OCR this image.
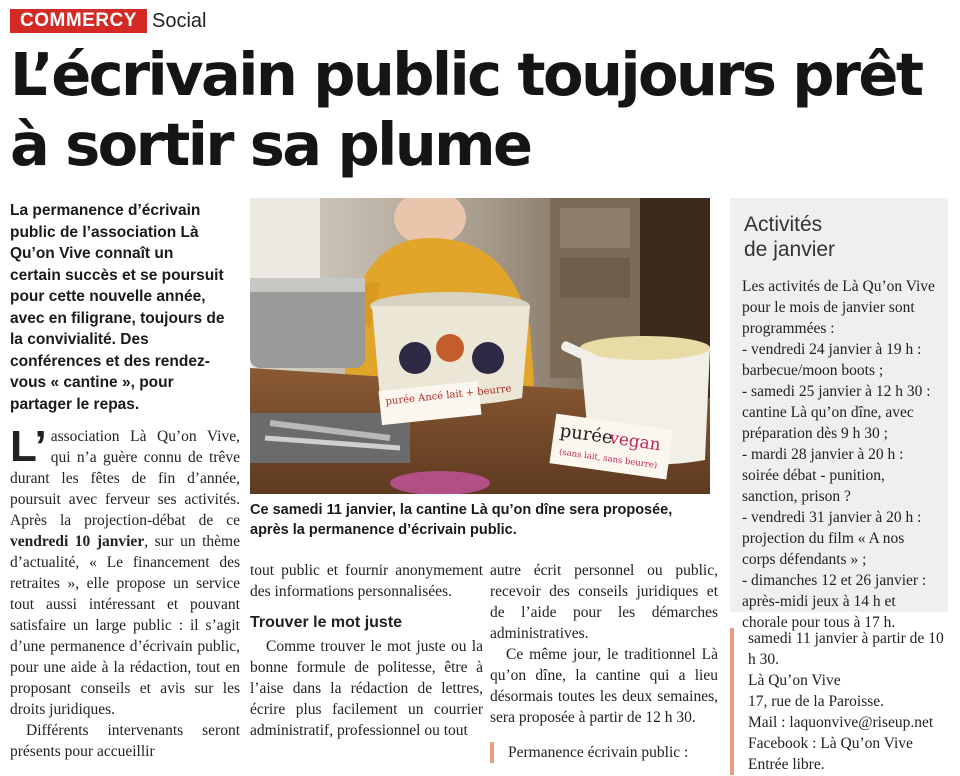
COMMERCY Social
L’écrivain public toujours prêt à sortir sa plume

La permanence d’écrivain public de l’association Là Qu’on Vive connaît un certain succès et se poursuit pour cette nouvelle année, avec en filigrane, toujours de la convivialité. Des conférences et des rendez-vous « cantine », pour partager le repas.

L’ association Là Qu’on Vive, qui n’a guère connu de trêve durant les fêtes de fin d’année, poursuit avec ferveur ses activités. Après la projection-débat de ce vendredi 10 janvier, sur un thème d’actualité, « Le financement des retraites », elle propose un service tout aussi intéressant et pouvant satisfaire un large public : il s’agit d’une permanence d’écrivain public, pour une aide à la rédaction, tout en proposant conseils et avis sur les droits juridiques.

Différents intervenants seront présents pour accueillir

purée Ancé lait + beurre
purée
vegan
(sans lait, sans beurre)

Ce samedi 11 janvier, la cantine Là qu’on dîne sera proposée, après la permanence d’écrivain public.

tout public et fournir anonymement des informations personnalisées.

Trouver le mot juste

Comme trouver le mot juste ou la bonne formule de politesse, être à l’aise dans la rédaction de lettres, écrire plus facilement un courrier administratif, professionnel ou tout

autre écrit personnel ou public, recevoir des conseils juridiques et de l’aide pour les démarches administratives.

Ce même jour, le traditionnel Là qu’on dîne, la cantine qui a lieu désormais toutes les deux semaines, sera proposée à partir de 12 h 30.

Permanence écrivain public :

Activités
de janvier

Les activités de Là Qu’on Vive pour le mois de janvier sont programmées :

- vendredi 24 janvier à 19 h : barbecue/moon boots ;

- samedi 25 janvier à 12 h 30 : cantine Là qu’on dîne, avec préparation dès 9 h 30 ;

- mardi 28 janvier à 20 h : soirée débat - punition, sanction, prison ?

- vendredi 31 janvier à 20 h : projection du film « A nos corps défendants » ;

- dimanches 12 et 26 janvier : après-midi jeux à 14 h et chorale pour tous à 17 h.

samedi 11 janvier à partir de 10 h 30.

Là Qu’on Vive

17, rue de la Paroisse.

Mail : laquonvive@riseup.net

Facebook : Là Qu’on Vive

Entrée libre.
